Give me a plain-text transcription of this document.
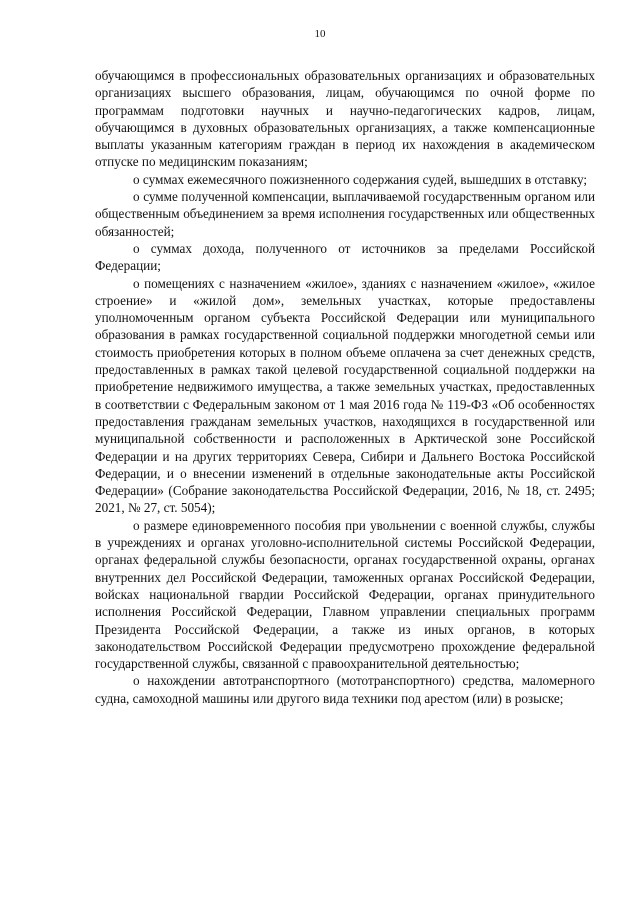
10

обучающимся в профессиональных образовательных организациях и образовательных организациях высшего образования, лицам, обучающимся по очной форме по программам подготовки научных и научно-педагогических кадров, лицам, обучающимся в духовных образовательных организациях, а также компенсационные выплаты указанным категориям граждан в период их нахождения в академическом отпуске по медицинским показаниям;

о суммах ежемесячного пожизненного содержания судей, вышедших в отставку;

о сумме полученной компенсации, выплачиваемой государственным органом или общественным объединением за время исполнения государственных или общественных обязанностей;

о суммах дохода, полученного от источников за пределами Российской Федерации;

о помещениях с назначением «жилое», зданиях с назначением «жилое», «жилое строение» и «жилой дом», земельных участках, которые предоставлены уполномоченным органом субъекта Российской Федерации или муниципального образования в рамках государственной социальной поддержки многодетной семьи или стоимость приобретения которых в полном объеме оплачена за счет денежных средств, предоставленных в рамках такой целевой государственной социальной поддержки на приобретение недвижимого имущества, а также земельных участках, предоставленных в соответствии с Федеральным законом от 1 мая 2016 года № 119-ФЗ «Об особенностях предоставления гражданам земельных участков, находящихся в государственной или муниципальной собственности и расположенных в Арктической зоне Российской Федерации и на других территориях Севера, Сибири и Дальнего Востока Российской Федерации, и о внесении изменений в отдельные законодательные акты Российской Федерации» (Собрание законодательства Российской Федерации, 2016, № 18, ст. 2495; 2021, № 27, ст. 5054);

о размере единовременного пособия при увольнении с военной службы, службы в учреждениях и органах уголовно-исполнительной системы Российской Федерации, органах федеральной службы безопасности, органах государственной охраны, органах внутренних дел Российской Федерации, таможенных органах Российской Федерации, войсках национальной гвардии Российской Федерации, органах принудительного исполнения Российской Федерации, Главном управлении специальных программ Президента Российской Федерации, а также из иных органов, в которых законодательством Российской Федерации предусмотрено прохождение федеральной государственной службы, связанной с правоохранительной деятельностью;

о нахождении автотранспортного (мототранспортного) средства, маломерного судна, самоходной машины или другого вида техники под арестом (или) в розыске;
